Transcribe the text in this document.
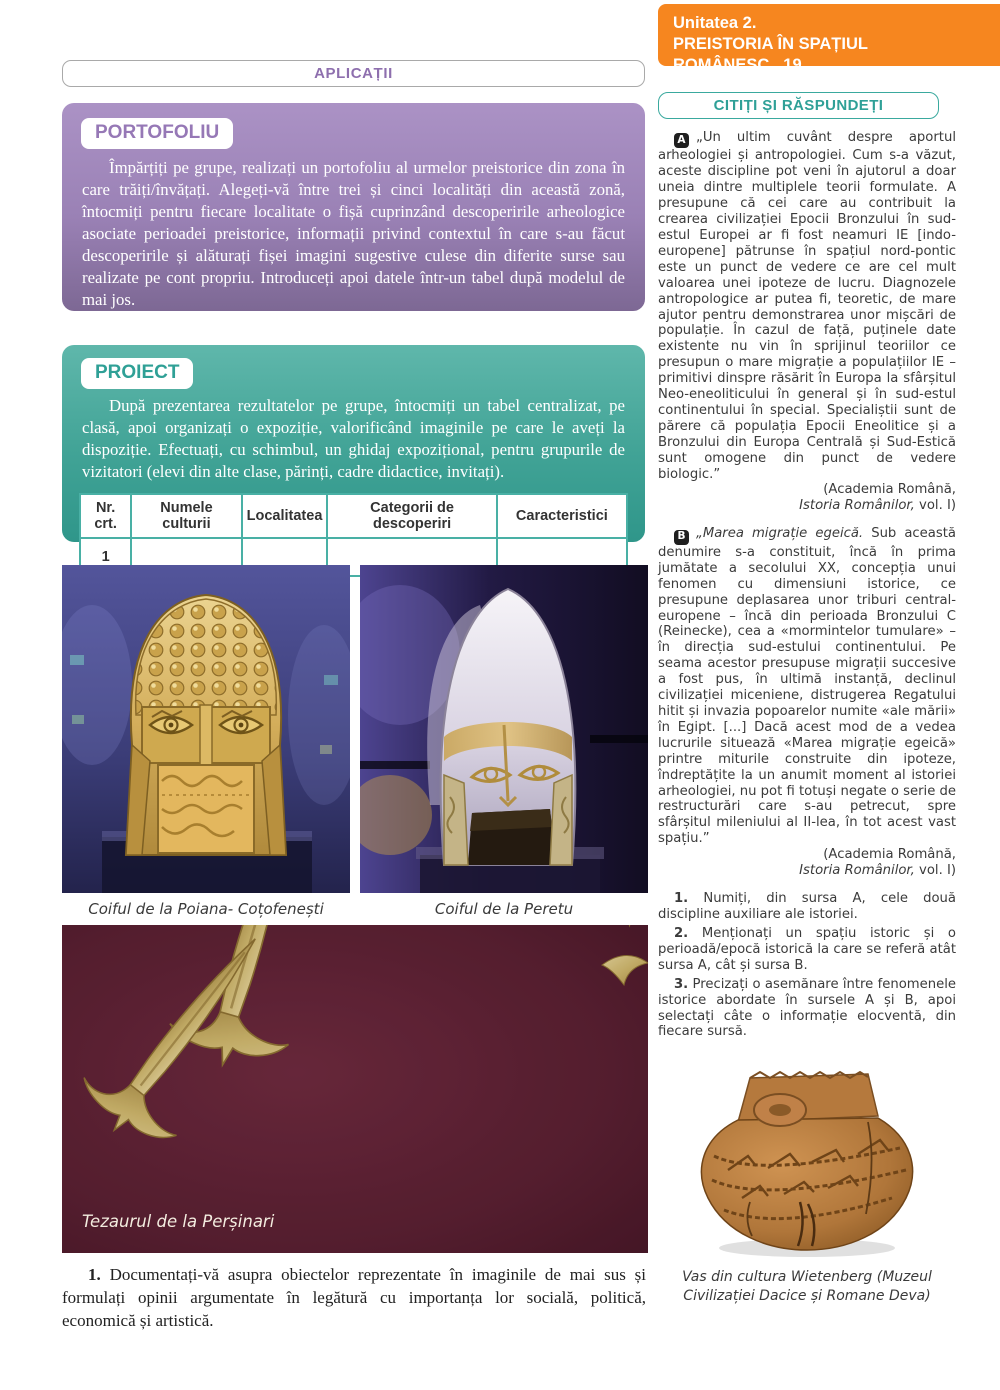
Unitatea 2.
PREISTORIA ÎN SPAȚIUL ROMÂNESC 19
APLICAȚII
PORTOFOLIU

Împărțiți pe grupe, realizați un portofoliu al urmelor preistorice din zona în care trăiți/învățați. Alegeți-vă între trei și cinci localități din această zonă, întocmiți pentru fiecare localitate o fișă cuprinzând descoperirile arheologice asociate perioadei preistorice, informații privind contextul în care s-au făcut descoperirile și alăturați fișei imagini sugestive culese din diferite surse sau realizate pe cont propriu. Introduceți apoi datele într-un tabel după modelul de mai jos.

PROIECT

După prezentarea rezultatelor pe grupe, întocmiți un tabel centralizat, pe clasă, apoi organizați o expoziție, valorificând imaginile pe care le aveți la dispoziție. Efectuați, cu schimbul, un ghidaj expozițional, pentru grupurile de vizitatori (elevi din alte clase, părinți, cadre didactice, invitați).

Nr. crt.	Numele culturii	Localitatea	Categorii de descoperiri	Caracteristici
1				
Coiful de la Poiana- Coțofenești	Coiful de la Peretu
Tezaurul de la Perșinari
1. Documentați-vă asupra obiectelor reprezentate în imaginile de mai sus și formulați opinii argumentate în legătură cu importanța lor socială, politică, economică și artistică.
CITIȚI ȘI RĂSPUNDEȚI

A „Un ultim cuvânt despre aportul arheologiei și antropologiei. Cum s-a văzut, aceste discipline pot veni în ajutorul a doar uneia dintre multiplele teorii formulate. A presupune că cei care au contribuit la crearea civilizației Epocii Bronzului în sud-estul Europei ar fi fost neamuri IE [indo-europene] pătrunse în spațiul nord-pontic este un punct de vedere ce are cel mult valoarea unei ipoteze de lucru. Diagnozele antropologice ar putea fi, teoretic, de mare ajutor pentru demonstrarea unor mișcări de populație. În cazul de față, puținele date existente nu vin în sprijinul teoriilor ce presupun o mare migrație a populațiilor IE – primitivi dinspre răsărit în Europa la sfârșitul Neo-eneoliticului în general și în sud-estul continentului în special. Specialiștii sunt de părere că populația Epocii Eneolitice și a Bronzului din Europa Centrală și Sud-Estică sunt omogene din punct de vedere biologic.”

(Academia Română,
Istoria Românilor, vol. I)

B „Marea migrație egeică. Sub această denumire s-a constituit, încă în prima jumătate a secolului XX, concepția unui fenomen cu dimensiuni istorice, ce presupune deplasarea unor triburi central-europene – încă din perioada Bronzului C (Reinecke), cea a «mormintelor tumulare» – în direcția sud-estului continentului. Pe seama acestor presupuse migrații succesive a fost pus, în ultimă instanță, declinul civilizației miceniene, distrugerea Regatului hitit și invazia popoarelor numite «ale mării» în Egipt. [...] Dacă acest mod de a vedea lucrurile situează «Marea migrație egeică» printre miturile construite din ipoteze, îndreptățite la un anumit moment al istoriei arheologiei, nu pot fi totuși negate o serie de restructurări care s-au petrecut, spre sfârșitul mileniului al II-lea, în tot acest vast spațiu.”

(Academia Română,
Istoria Românilor, vol. I)

1. Numiți, din sursa A, cele două discipline auxiliare ale istoriei.

2. Menționați un spațiu istoric și o perioadă/epocă istorică la care se referă atât sursa A, cât și sursa B.

3. Precizați o asemănare între fenomenele istorice abordate în sursele A și B, apoi selectați câte o informație elocventă, din fiecare sursă.

Vas din cultura Wietenberg (Muzeul Civilizației Dacice și Romane Deva)
